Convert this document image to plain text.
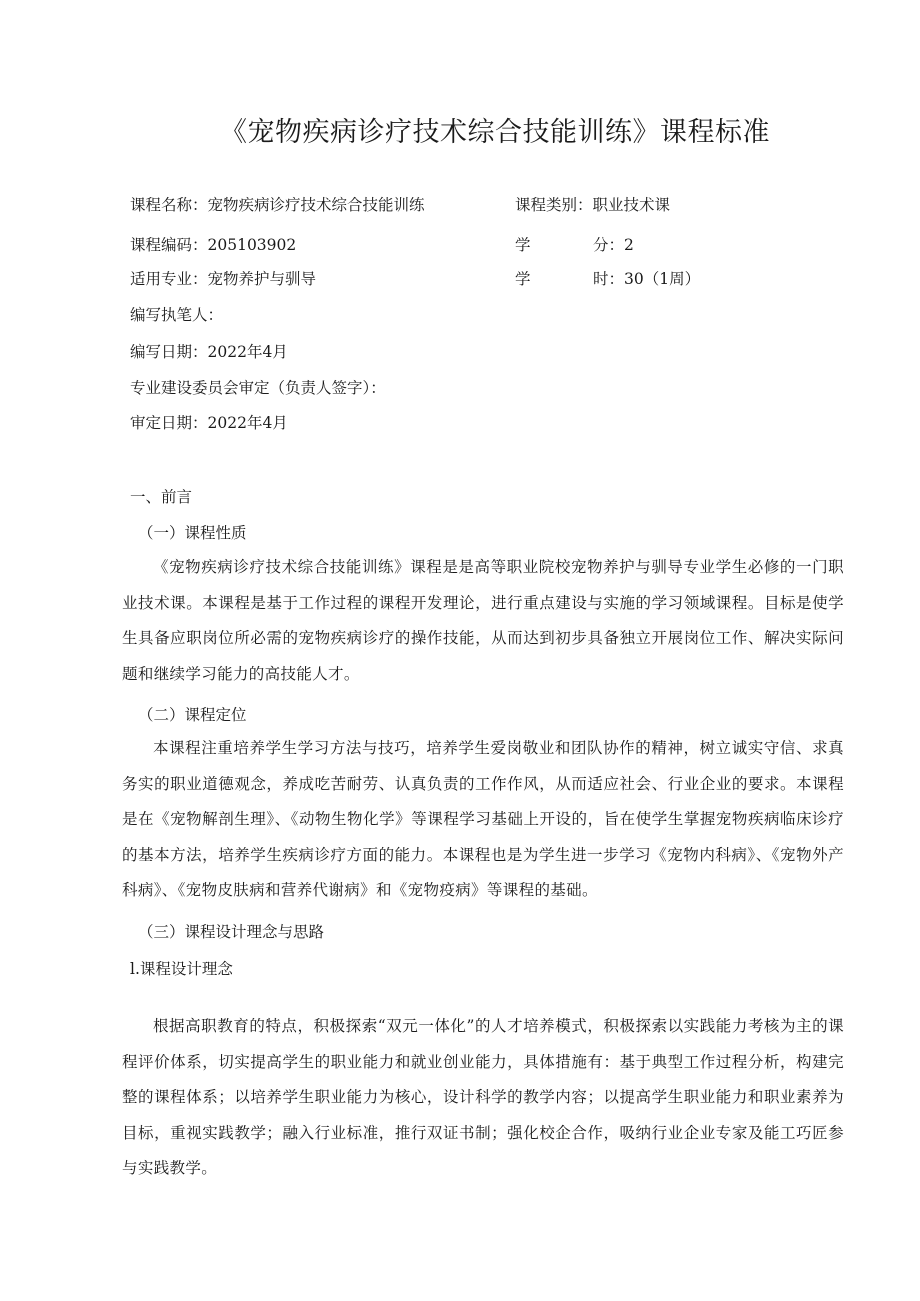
《宠物疾病诊疗技术综合技能训练》课程标准
课程名称：宠物疾病诊疗技术综合技能训练	课程类别：职业技术课
课程编码：205103902	学	分：2
适用专业：宠物养护与驯导	学	时：30（1周）
编写执笔人：
编写日期：2022年4月
专业建设委员会审定（负责人签字）：
审定日期：2022年4月
一、前言
（一）课程性质
《宠物疾病诊疗技术综合技能训练》课程是是高等职业院校宠物养护与驯导专业学生必修的一门职业技术课。本课程是基于工作过程的课程开发理论，进行重点建设与实施的学习领域课程。目标是使学生具备应职岗位所必需的宠物疾病诊疗的操作技能，从而达到初步具备独立开展岗位工作、解决实际问题和继续学习能力的高技能人才。
（二）课程定位
本课程注重培养学生学习方法与技巧，培养学生爱岗敬业和团队协作的精神，树立诚实守信、求真务实的职业道德观念，养成吃苦耐劳、认真负责的工作作风，从而适应社会、行业企业的要求。本课程是在《宠物解剖生理》、《动物生物化学》等课程学习基础上开设的，旨在使学生掌握宠物疾病临床诊疗的基本方法，培养学生疾病诊疗方面的能力。本课程也是为学生进一步学习《宠物内科病》、《宠物外产科病》、《宠物皮肤病和营养代谢病》和《宠物疫病》等课程的基础。
（三）课程设计理念与思路
l.课程设计理念
根据高职教育的特点，积极探索“双元一体化”的人才培养模式，积极探索以实践能力考核为主的课程评价体系，切实提高学生的职业能力和就业创业能力，具体措施有：基于典型工作过程分析，构建完整的课程体系；以培养学生职业能力为核心，设计科学的教学内容；以提高学生职业能力和职业素养为目标，重视实践教学；融入行业标准，推行双证书制；强化校企合作，吸纳行业企业专家及能工巧匠参与实践教学。
